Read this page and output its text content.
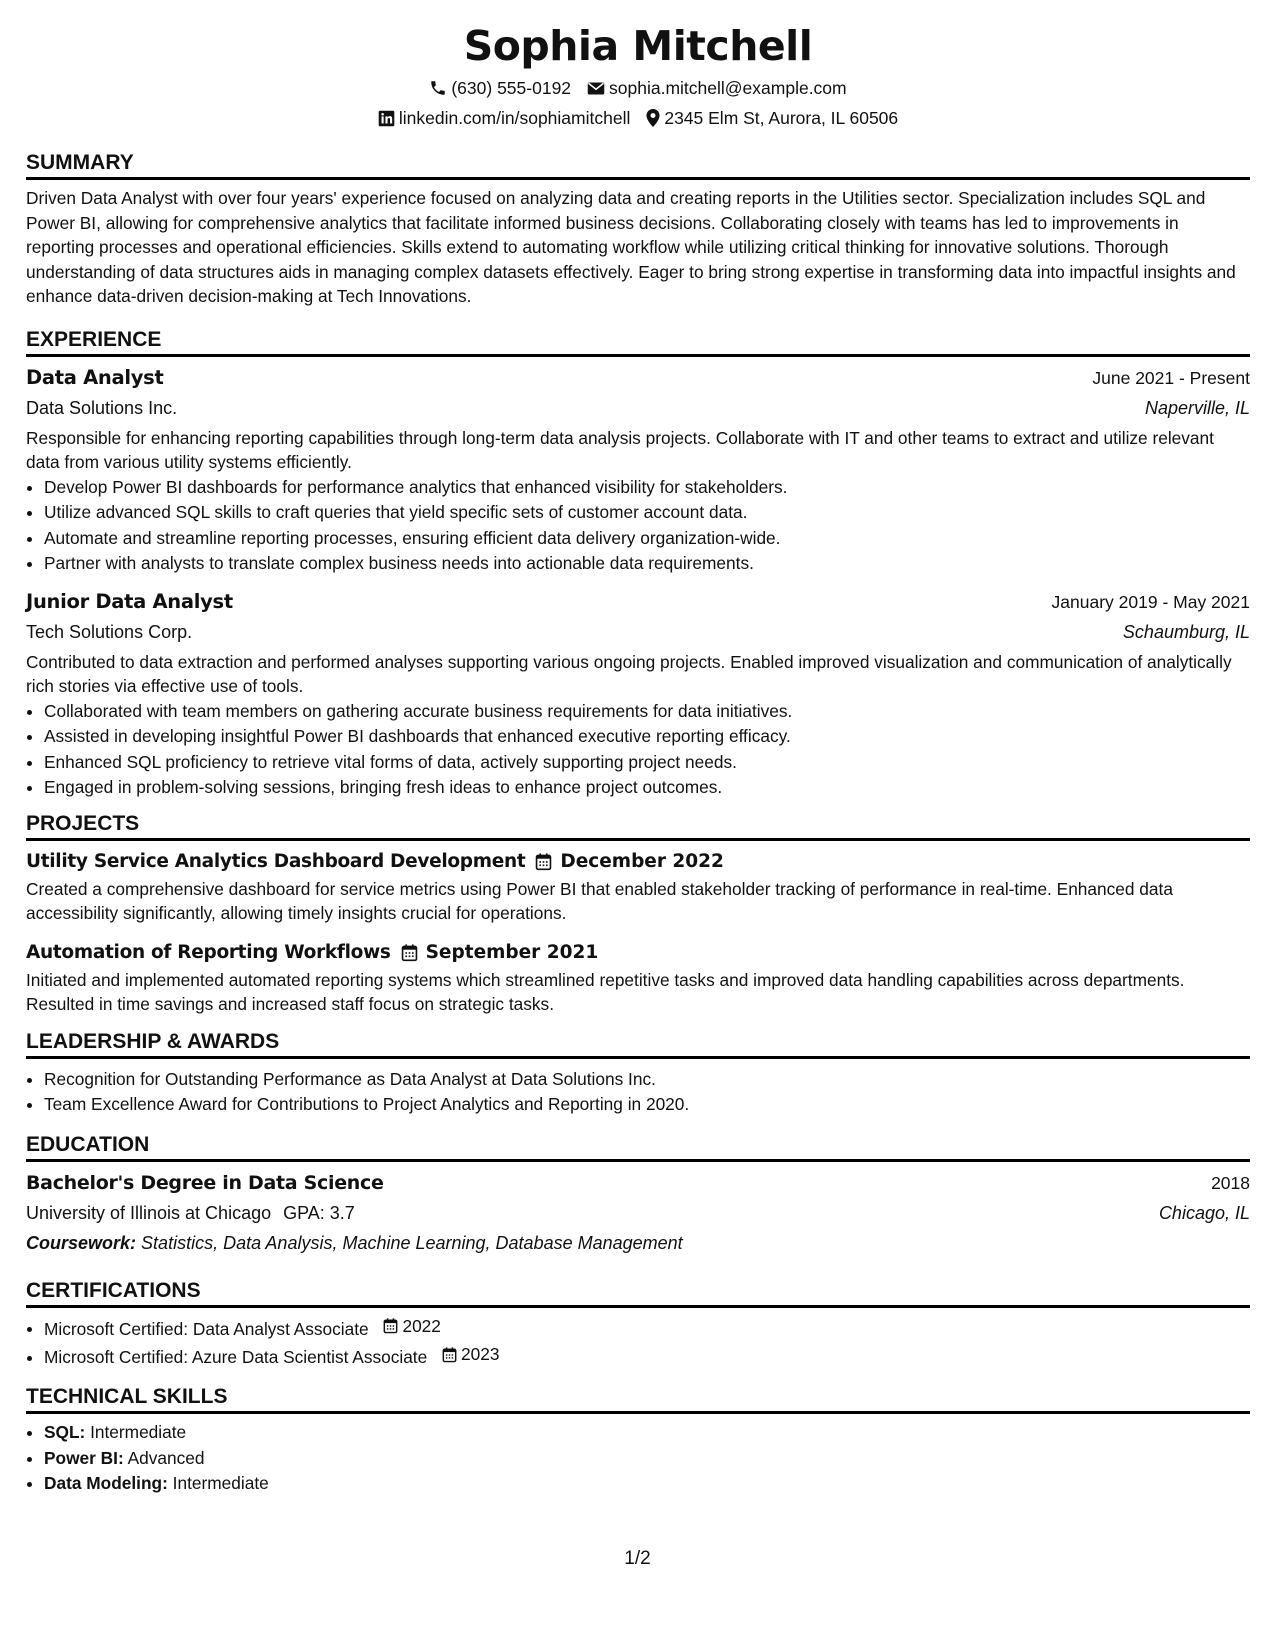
Sophia Mitchell
(630) 555-0192 sophia.mitchell@example.com
linkedin.com/in/sophiamitchell 2345 Elm St, Aurora, IL 60506
SUMMARY

Driven Data Analyst with over four years' experience focused on analyzing data and creating reports in the Utilities sector. Specialization includes SQL and Power BI, allowing for comprehensive analytics that facilitate informed business decisions. Collaborating closely with teams has led to improvements in reporting processes and operational efficiencies. Skills extend to automating workflow while utilizing critical thinking for innovative solutions. Thorough understanding of data structures aids in managing complex datasets effectively. Eager to bring strong expertise in transforming data into impactful insights and enhance data-driven decision-making at Tech Innovations.

EXPERIENCE
Data Analyst	June 2021 - Present
Data Solutions Inc.	Naperville, IL

Responsible for enhancing reporting capabilities through long-term data analysis projects. Collaborate with IT and other teams to extract and utilize relevant data from various utility systems efficiently.

• Develop Power BI dashboards for performance analytics that enhanced visibility for stakeholders.
• Utilize advanced SQL skills to craft queries that yield specific sets of customer account data.
• Automate and streamline reporting processes, ensuring efficient data delivery organization-wide.
• Partner with analysts to translate complex business needs into actionable data requirements.
Junior Data Analyst	January 2019 - May 2021
Tech Solutions Corp.	Schaumburg, IL

Contributed to data extraction and performed analyses supporting various ongoing projects. Enabled improved visualization and communication of analytically rich stories via effective use of tools.

• Collaborated with team members on gathering accurate business requirements for data initiatives.
• Assisted in developing insightful Power BI dashboards that enhanced executive reporting efficacy.
• Enhanced SQL proficiency to retrieve vital forms of data, actively supporting project needs.
• Engaged in problem-solving sessions, bringing fresh ideas to enhance project outcomes.
PROJECTS
Utility Service Analytics Dashboard Development December 2022

Created a comprehensive dashboard for service metrics using Power BI that enabled stakeholder tracking of performance in real-time. Enhanced data accessibility significantly, allowing timely insights crucial for operations.

Automation of Reporting Workflows September 2021

Initiated and implemented automated reporting systems which streamlined repetitive tasks and improved data handling capabilities across departments. Resulted in time savings and increased staff focus on strategic tasks.

LEADERSHIP & AWARDS
• Recognition for Outstanding Performance as Data Analyst at Data Solutions Inc.
• Team Excellence Award for Contributions to Project Analytics and Reporting in 2020.
EDUCATION
Bachelor's Degree in Data Science	2018
University of Illinois at Chicago GPA: 3.7	Chicago, IL
Coursework: Statistics, Data Analysis, Machine Learning, Database Management
CERTIFICATIONS
• Microsoft Certified: Data Analyst Associate 2022
• Microsoft Certified: Azure Data Scientist Associate 2023
TECHNICAL SKILLS
• SQL: Intermediate
• Power BI: Advanced
• Data Modeling: Intermediate
1/2
